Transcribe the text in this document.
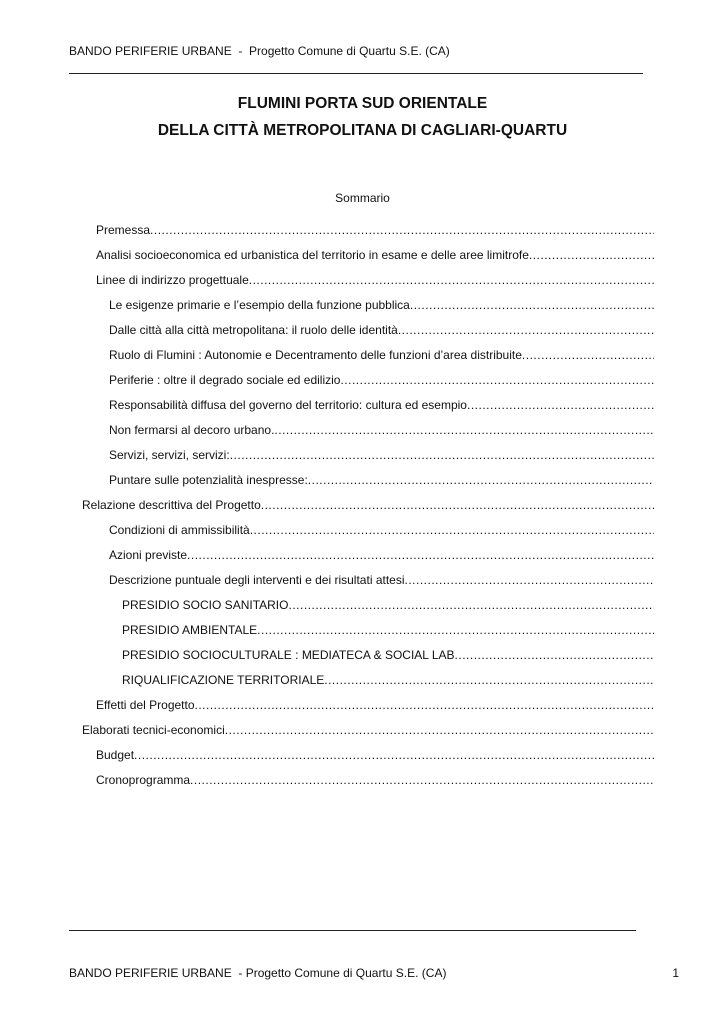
BANDO PERIFERIE URBANE  -  Progetto Comune di Quartu S.E. (CA)
FLUMINI PORTA SUD ORIENTALE
DELLA CITTÀ METROPOLITANA DI CAGLIARI-QUARTU
Sommario
Premessa
.....
Analisi socioeconomica ed urbanistica del territorio in esame e delle aree limitrofe
.....
Linee di indirizzo progettuale
.....
Le esigenze primarie e l’esempio della funzione pubblica
.....
Dalle città alla città metropolitana: il ruolo delle identità
.....
Ruolo di Flumini : Autonomie e Decentramento delle funzioni d’area distribuite
.....
Periferie : oltre il degrado sociale ed edilizio
.....
Responsabilità diffusa del governo del territorio: cultura ed esempio
.....
Non fermarsi al decoro urbano.
.....
Servizi, servizi, servizi:
.....
Puntare sulle potenzialità inespresse:
.....
Relazione descrittiva del Progetto
.....
Condizioni di ammissibilità
.....
Azioni previste
.....
Descrizione puntuale degli interventi e dei risultati attesi
.....
PRESIDIO SOCIO SANITARIO
.....
PRESIDIO AMBIENTALE
.....
PRESIDIO SOCIOCULTURALE : MEDIATECA & SOCIAL LAB
.....
RIQUALIFICAZIONE TERRITORIALE
.....
Effetti del Progetto
.....
Elaborati tecnici-economici
.....
Budget
.....
Cronoprogramma
.....
BANDO PERIFERIE URBANE  - Progetto Comune di Quartu S.E. (CA)	1
